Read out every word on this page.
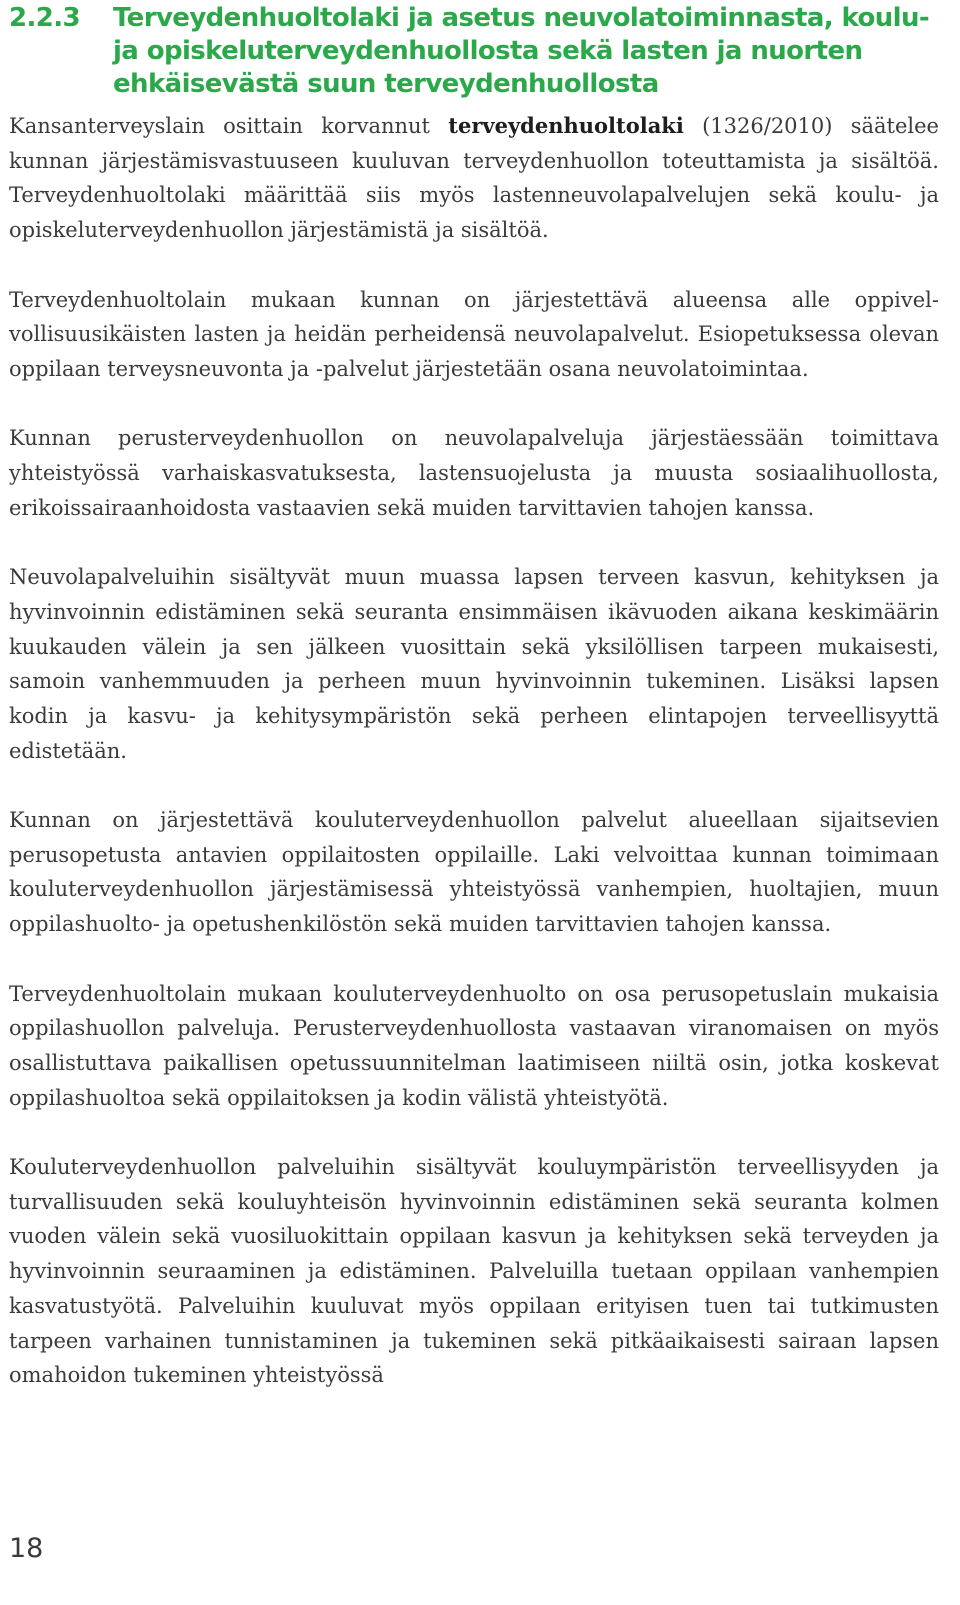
2.2.3	Terveydenhuoltolaki ja asetus neuvolatoiminnasta, koulu- ja opiskeluterveydenhuollosta sekä lasten ja nuorten ehkäisevästä suun terveydenhuollosta

Kansanterveyslain osittain korvannut terveydenhuoltolaki (1326/2010) säätelee kunnan järjestämisvastuuseen kuuluvan terveydenhuollon toteuttamista ja sisältöä. Terveydenhuoltolaki määrittää siis myös lastenneuvolapalvelujen sekä koulu- ja opiskeluterveydenhuollon järjestämistä ja sisältöä.

Terveydenhuoltolain mukaan kunnan on järjestettävä alueensa alle oppivelvollisuusikäisten lasten ja heidän perheidensä neuvolapalvelut. Esiopetuksessa olevan oppilaan terveysneuvonta ja -palvelut järjestetään osana neuvolatoimintaa.

Kunnan perusterveydenhuollon on neuvolapalveluja järjestäessään toimittava yhteistyössä varhaiskasvatuksesta, lastensuojelusta ja muusta sosiaalihuollosta, erikoissairaanhoidosta vastaavien sekä muiden tarvittavien tahojen kanssa.

Neuvolapalveluihin sisältyvät muun muassa lapsen terveen kasvun, kehityksen ja hyvinvoinnin edistäminen sekä seuranta ensimmäisen ikävuoden aikana keskimäärin kuukauden välein ja sen jälkeen vuosittain sekä yksilöllisen tarpeen mukaisesti, samoin vanhemmuuden ja perheen muun hyvinvoinnin tukeminen. Lisäksi lapsen kodin ja kasvu- ja kehitysympäristön sekä perheen elintapojen terveellisyyttä edistetään.

Kunnan on järjestettävä kouluterveydenhuollon palvelut alueellaan sijaitsevien perusopetusta antavien oppilaitosten oppilaille. Laki velvoittaa kunnan toimimaan kouluterveydenhuollon järjestämisessä yhteistyössä vanhempien, huoltajien, muun oppilashuolto- ja opetushenkilöstön sekä muiden tarvittavien tahojen kanssa.

Terveydenhuoltolain mukaan kouluterveydenhuolto on osa perusopetuslain mukaisia oppilashuollon palveluja. Perusterveydenhuollosta vastaavan viranomaisen on myös osallistuttava paikallisen opetussuunnitelman laatimiseen niiltä osin, jotka koskevat oppilashuoltoa sekä oppilaitoksen ja kodin välistä yhteistyötä.

Kouluterveydenhuollon palveluihin sisältyvät kouluympäristön terveellisyyden ja turvallisuuden sekä kouluyhteisön hyvinvoinnin edistäminen sekä seuranta kolmen vuoden välein sekä vuosiluokittain oppilaan kasvun ja kehityksen sekä terveyden ja hyvinvoinnin seuraaminen ja edistäminen. Palveluilla tuetaan oppilaan vanhempien kasvatustyötä. Palveluihin kuuluvat myös oppilaan erityisen tuen tai tutkimusten tarpeen varhainen tunnistaminen ja tukeminen sekä pitkäaikaisesti sairaan lapsen omahoidon tukeminen yhteistyössä

18
